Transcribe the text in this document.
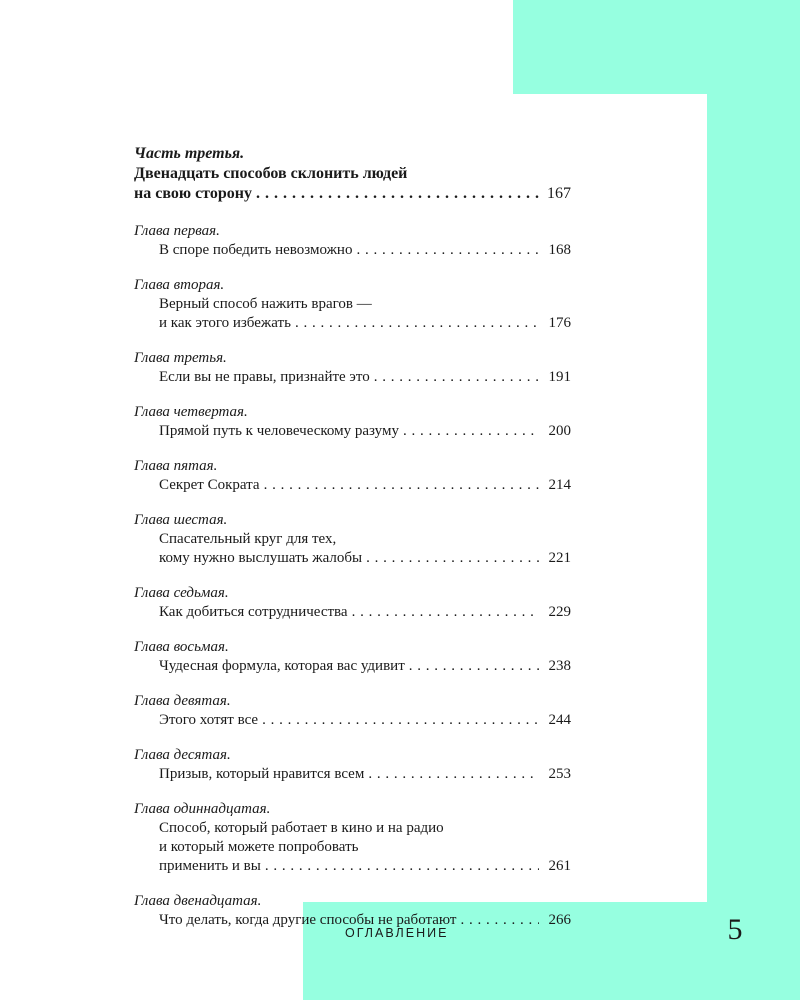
Часть третья.
Двенадцать способов склонить людей
на свою сторону . . .	167
Глава первая.
В споре победить невозможно . . .	168
Глава вторая.
Верный способ нажить врагов —
и как этого избежать . . .	176
Глава третья.
Если вы не правы, признайте это . . .	191
Глава четвертая.
Прямой путь к человеческому разуму . . .	200
Глава пятая.
Секрет Сократа . . .	214
Глава шестая.
Спасательный круг для тех,
кому нужно выслушать жалобы . . .	221
Глава седьмая.
Как добиться сотрудничества . . .	229
Глава восьмая.
Чудесная формула, которая вас удивит . . .	238
Глава девятая.
Этого хотят все . . .	244
Глава десятая.
Призыв, который нравится всем . . .	253
Глава одиннадцатая.
Способ, который работает в кино и на радио
и который можете попробовать
применить и вы . . .	261
Глава двенадцатая.
Что делать, когда другие способы не работают . . .	266
ОГЛАВЛЕНИЕ	5
